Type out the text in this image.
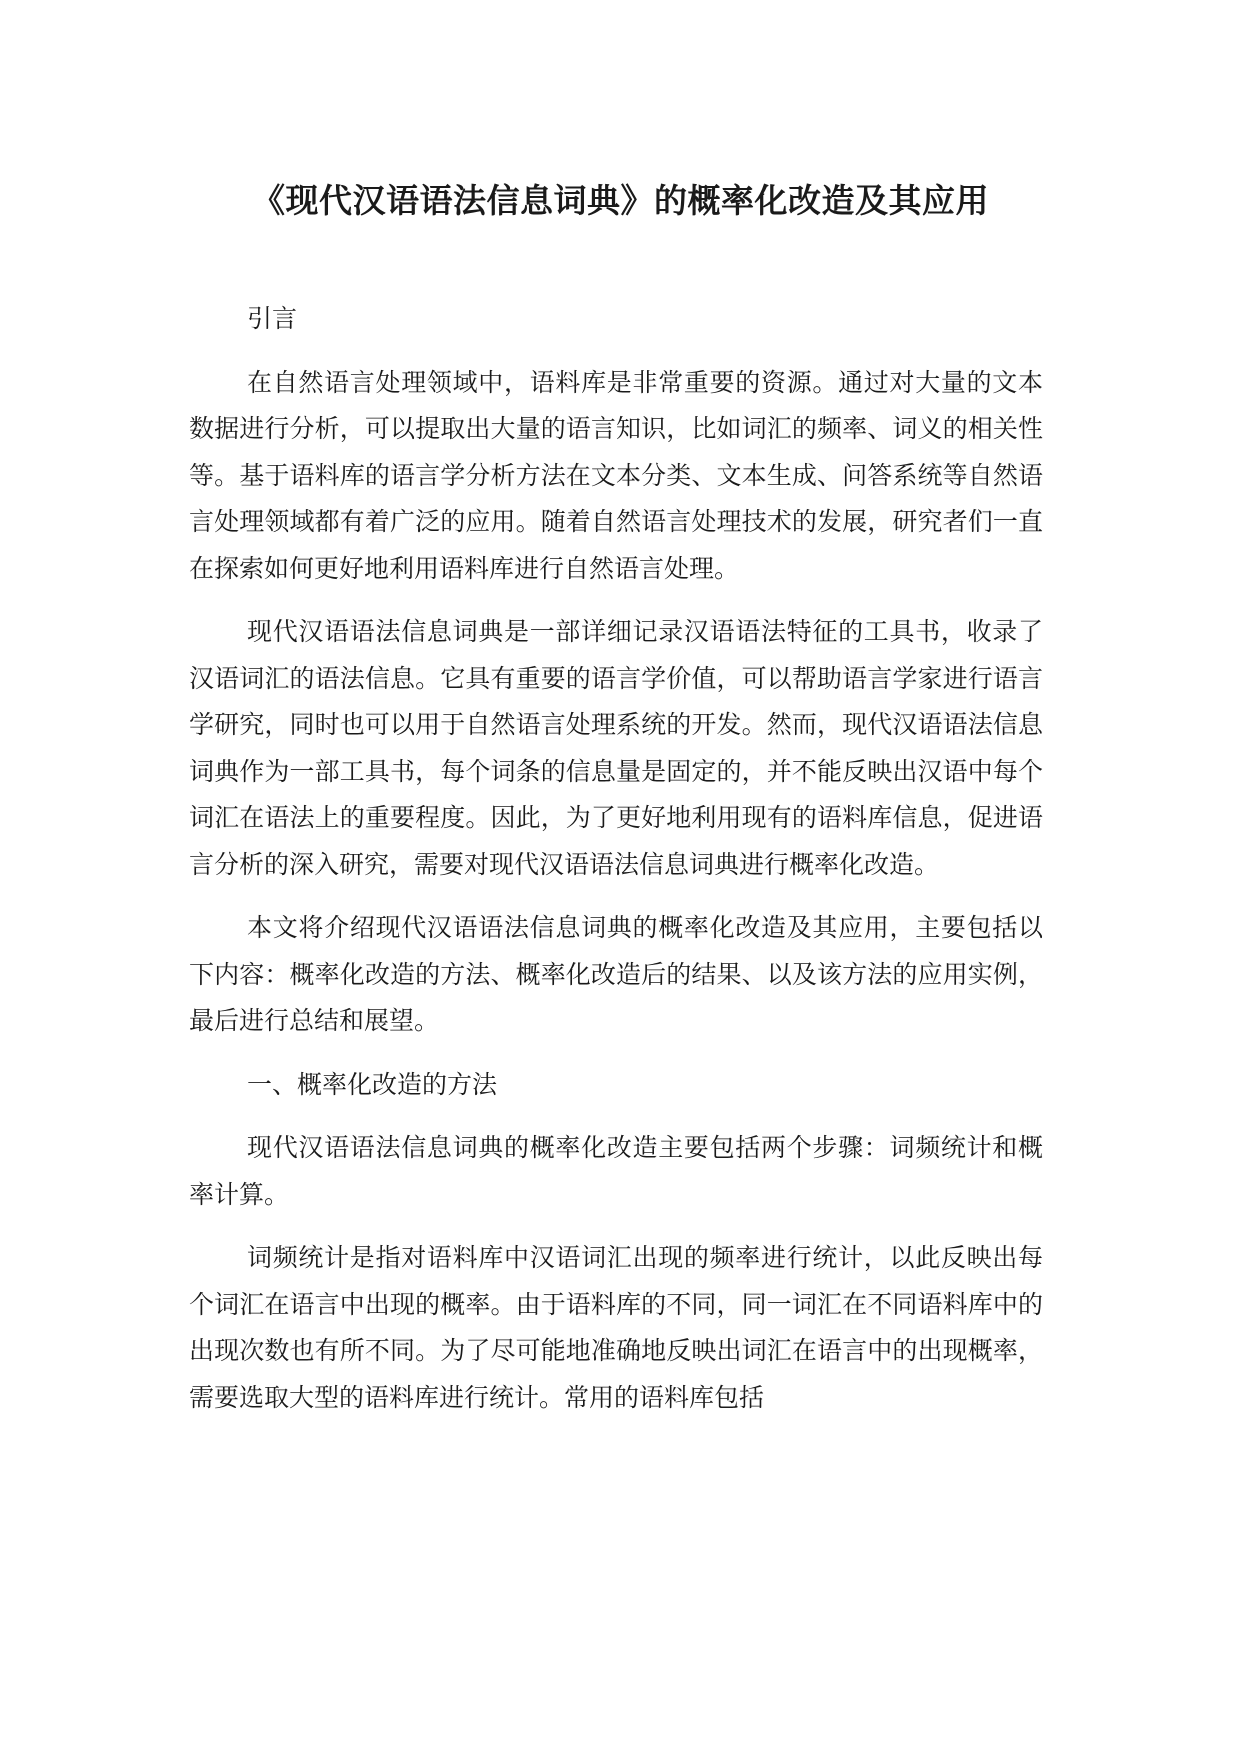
《现代汉语语法信息词典》的概率化改造及其应用

引言

在自然语言处理领域中，语料库是非常重要的资源。通过对大量的文本数据进行分析，可以提取出大量的语言知识，比如词汇的频率、词义的相关性等。基于语料库的语言学分析方法在文本分类、文本生成、问答系统等自然语言处理领域都有着广泛的应用。随着自然语言处理技术的发展，研究者们一直在探索如何更好地利用语料库进行自然语言处理。

现代汉语语法信息词典是一部详细记录汉语语法特征的工具书，收录了汉语词汇的语法信息。它具有重要的语言学价值，可以帮助语言学家进行语言学研究，同时也可以用于自然语言处理系统的开发。然而，现代汉语语法信息词典作为一部工具书，每个词条的信息量是固定的，并不能反映出汉语中每个词汇在语法上的重要程度。因此，为了更好地利用现有的语料库信息，促进语言分析的深入研究，需要对现代汉语语法信息词典进行概率化改造。

本文将介绍现代汉语语法信息词典的概率化改造及其应用，主要包括以下内容：概率化改造的方法、概率化改造后的结果、以及该方法的应用实例，最后进行总结和展望。

一、概率化改造的方法

现代汉语语法信息词典的概率化改造主要包括两个步骤：词频统计和概率计算。

词频统计是指对语料库中汉语词汇出现的频率进行统计，以此反映出每个词汇在语言中出现的概率。由于语料库的不同，同一词汇在不同语料库中的出现次数也有所不同。为了尽可能地准确地反映出词汇在语言中的出现概率，需要选取大型的语料库进行统计。常用的语料库包括
